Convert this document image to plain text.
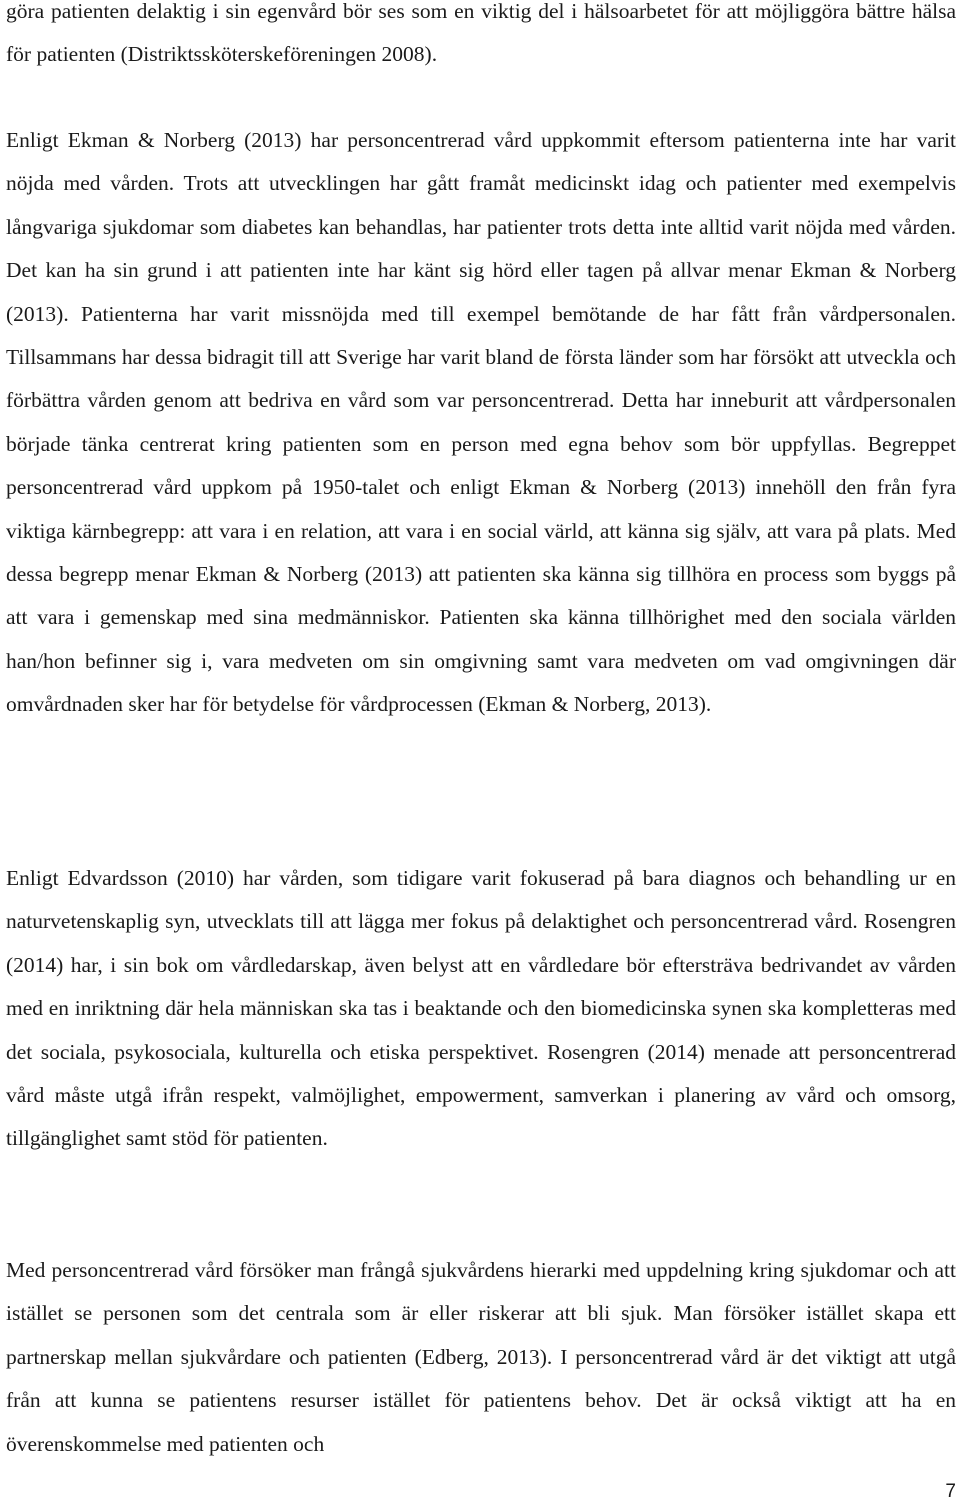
göra patienten delaktig i sin egenvård bör ses som en viktig del i hälsoarbetet för att möjliggöra bättre hälsa för patienten (Distriktssköterskeföreningen 2008).

Enligt Ekman & Norberg (2013) har personcentrerad vård uppkommit eftersom patienterna inte har varit nöjda med vården. Trots att utvecklingen har gått framåt medicinskt idag och patienter med exempelvis långvariga sjukdomar som diabetes kan behandlas, har patienter trots detta inte alltid varit nöjda med vården. Det kan ha sin grund i att patienten inte har känt sig hörd eller tagen på allvar menar Ekman & Norberg (2013). Patienterna har varit missnöjda med till exempel bemötande de har fått från vårdpersonalen. Tillsammans har dessa bidragit till att Sverige har varit bland de första länder som har försökt att utveckla och förbättra vården genom att bedriva en vård som var personcentrerad. Detta har inneburit att vårdpersonalen började tänka centrerat kring patienten som en person med egna behov som bör uppfyllas. Begreppet personcentrerad vård uppkom på 1950-talet och enligt Ekman & Norberg (2013) innehöll den från fyra viktiga kärnbegrepp: att vara i en relation, att vara i en social värld, att känna sig själv, att vara på plats. Med dessa begrepp menar Ekman & Norberg (2013) att patienten ska känna sig tillhöra en process som byggs på att vara i gemenskap med sina medmänniskor. Patienten ska känna tillhörighet med den sociala världen han/hon befinner sig i, vara medveten om sin omgivning samt vara medveten om vad omgivningen där omvårdnaden sker har för betydelse för vårdprocessen (Ekman & Norberg, 2013).

Enligt Edvardsson (2010) har vården, som tidigare varit fokuserad på bara diagnos och behandling ur en naturvetenskaplig syn, utvecklats till att lägga mer fokus på delaktighet och personcentrerad vård. Rosengren (2014) har, i sin bok om vårdledarskap, även belyst att en vårdledare bör eftersträva bedrivandet av vården med en inriktning där hela människan ska tas i beaktande och den biomedicinska synen ska kompletteras med det sociala, psykosociala, kulturella och etiska perspektivet. Rosengren (2014) menade att personcentrerad vård måste utgå ifrån respekt, valmöjlighet, empowerment, samverkan i planering av vård och omsorg, tillgänglighet samt stöd för patienten.

Med personcentrerad vård försöker man frångå sjukvårdens hierarki med uppdelning kring sjukdomar och att istället se personen som det centrala som är eller riskerar att bli sjuk. Man försöker istället skapa ett partnerskap mellan sjukvårdare och patienten (Edberg, 2013). I personcentrerad vård är det viktigt att utgå från att kunna se patientens resurser istället för patientens behov. Det är också viktigt att ha en överenskommelse med patienten och

7
